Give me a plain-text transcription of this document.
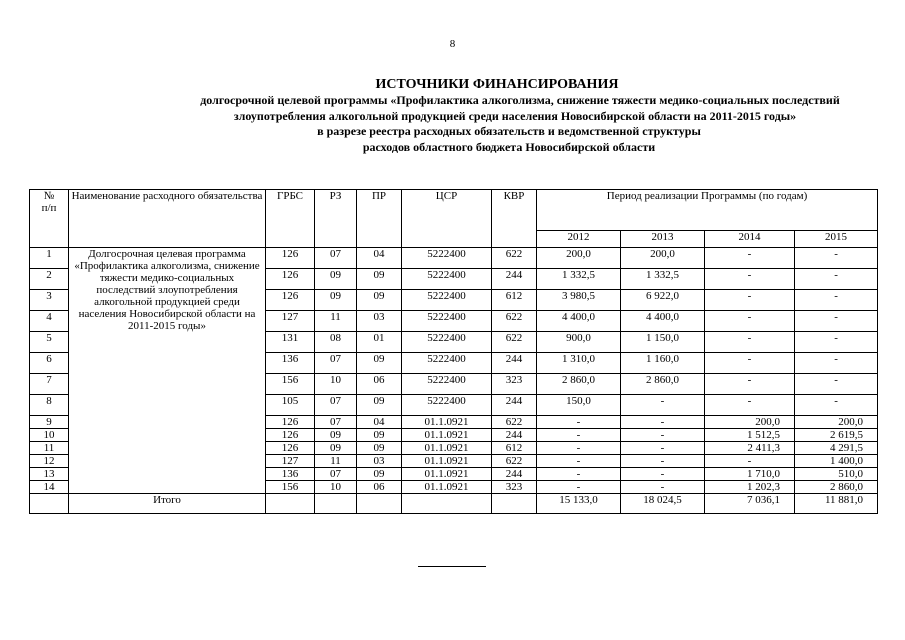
8
ИСТОЧНИКИ ФИНАНСИРОВАНИЯ
долгосрочной целевой программы «Профилактика алкоголизма, снижение тяжести медико-социальных последствий
злоупотребления алкогольной продукцией среди населения Новосибирской области на 2011-2015 годы»
в разрезе реестра расходных обязательств и ведомственной структуры
расходов областного бюджета Новосибирской области
№
п/п	Наименование расходного обязательства	ГРБС	РЗ	ПР	ЦСР	КВР	Период реализации Программы (по годам)			
							2012	2013	2014	2015
1	Долгосрочная целевая программа «Профилактика алкоголизма, снижение тяжести медико-социальных последствий злоупотребления алкогольной продукцией среди населения Новосибирской области на 2011-2015 годы»	126	07	04	5222400	622	200,0	200,0	-	-
2		126	09	09	5222400	244	1 332,5	1 332,5	-	-
3		126	09	09	5222400	612	3 980,5	6 922,0	-	-
4		127	11	03	5222400	622	4 400,0	4 400,0	-	-
5		131	08	01	5222400	622	900,0	1 150,0	-	-
6		136	07	09	5222400	244	1 310,0	1 160,0	-	-
7		156	10	06	5222400	323	2 860,0	2 860,0	-	-
8		105	07	09	5222400	244	150,0	-	-	-
9		126	07	04	01.1.0921	622	-	-	200,0	200,0
10		126	09	09	01.1.0921	244	-	-	1 512,5	2 619,5
11		126	09	09	01.1.0921	612	-	-	2 411,3	4 291,5
12		127	11	03	01.1.0921	622	-	-	-	1 400,0
13		136	07	09	01.1.0921	244	-	-	1 710,0	510,0
14		156	10	06	01.1.0921	323	-	-	1 202,3	2 860,0
	Итого						15 133,0	18 024,5	7 036,1	11 881,0
